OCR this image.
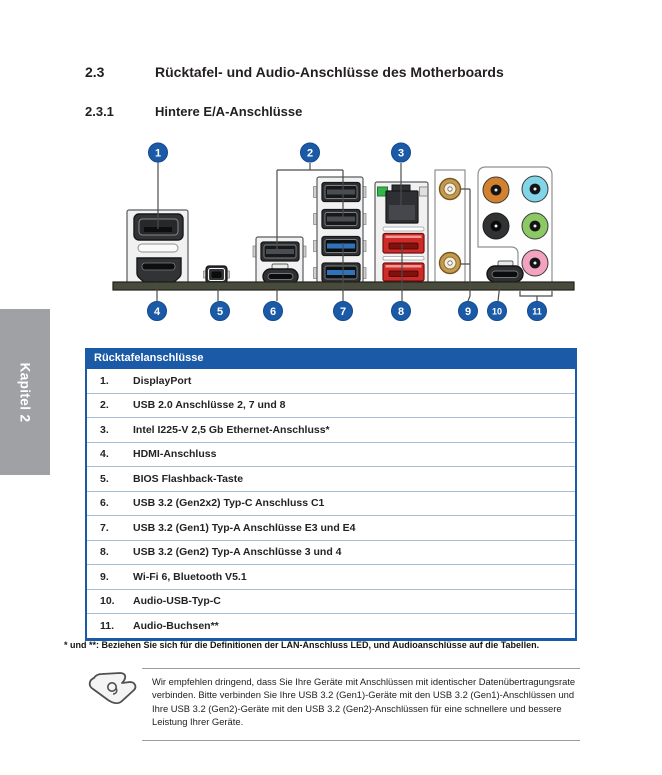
Kapitel 2
2.3	Rücktafel- und Audio-Anschlüsse des Motherboards
2.3.1	Hintere E/A-Anschlüsse
1	2	3
4	5	6	7	8	9 10	11
Rücktafelanschlüsse
1.	DisplayPort
2.	USB 2.0 Anschlüsse 2, 7 und 8
3.	Intel I225-V 2,5 Gb Ethernet-Anschluss*
4.	HDMI-Anschluss
5.	BIOS Flashback-Taste
6.	USB 3.2 (Gen2x2) Typ-C Anschluss C1
7.	USB 3.2 (Gen1) Typ-A Anschlüsse E3 und E4
8.	USB 3.2 (Gen2) Typ-A Anschlüsse 3 und 4
9.	Wi-Fi 6, Bluetooth V5.1
10.	Audio-USB-Typ-C
11.	Audio-Buchsen**
* und **: Beziehen Sie sich für die Definitionen der LAN-Anschluss LED, und Audioanschlüsse auf die Tabellen.
Wir empfehlen dringend, dass Sie Ihre Geräte mit Anschlüssen mit identischer Datenübertragungsrate verbinden. Bitte verbinden Sie Ihre USB 3.2 (Gen1)-Geräte mit den USB 3.2 (Gen1)-Anschlüssen und Ihre USB 3.2 (Gen2)-Geräte mit den USB 3.2 (Gen2)-Anschlüssen für eine schnellere und bessere Leistung Ihrer Geräte.
